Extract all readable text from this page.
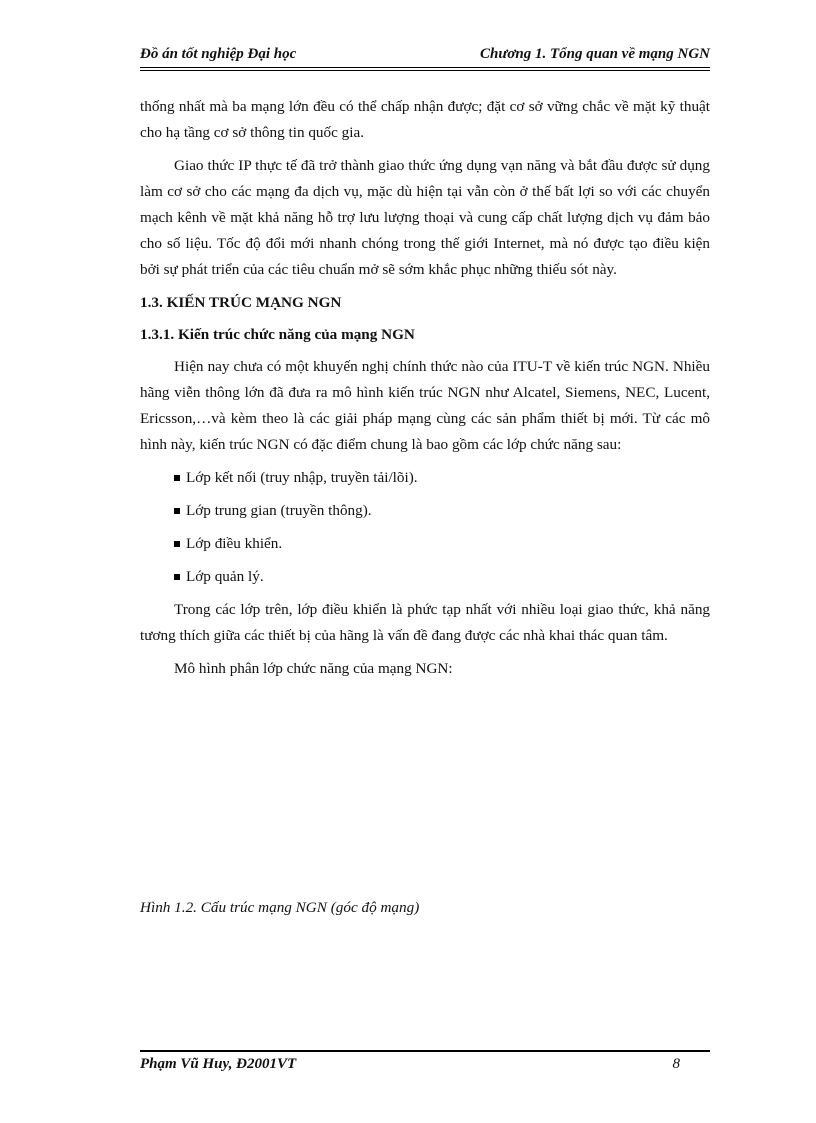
Đồ án tốt nghiệp Đại học	Chương 1. Tổng quan về mạng NGN

thống nhất mà ba mạng lớn đều có thể chấp nhận được; đặt cơ sở vững chắc về mặt kỹ thuật cho hạ tầng cơ sở thông tin quốc gia.

Giao thức IP thực tế đã trở thành giao thức ứng dụng vạn năng và bắt đầu được sử dụng làm cơ sở cho các mạng đa dịch vụ, mặc dù hiện tại vẫn còn ở thế bất lợi so với các chuyển mạch kênh về mặt khả năng hỗ trợ lưu lượng thoại và cung cấp chất lượng dịch vụ đảm bảo cho số liệu. Tốc độ đổi mới nhanh chóng trong thế giới Internet, mà nó được tạo điều kiện bởi sự phát triển của các tiêu chuẩn mở sẽ sớm khắc phục những thiếu sót này.

1.3. KIẾN TRÚC MẠNG NGN
1.3.1. Kiến trúc chức năng của mạng NGN

Hiện nay chưa có một khuyến nghị chính thức nào của ITU-T về kiến trúc NGN. Nhiều hãng viễn thông lớn đã đưa ra mô hình kiến trúc NGN như Alcatel, Siemens, NEC, Lucent, Ericsson,…và kèm theo là các giải pháp mạng cùng các sản phẩm thiết bị mới. Từ các mô hình này, kiến trúc NGN có đặc điểm chung là bao gồm các lớp chức năng sau:

Lớp kết nối (truy nhập, truyền tải/lõi).
Lớp trung gian (truyền thông).
Lớp điều khiển.
Lớp quản lý.

Trong các lớp trên, lớp điều khiển là phức tạp nhất với nhiều loại giao thức, khả năng tương thích giữa các thiết bị của hãng là vấn đề đang được các nhà khai thác quan tâm.

Mô hình phân lớp chức năng của mạng NGN:

Hình 1.2. Cấu trúc mạng NGN (góc độ mạng)

Phạm Vũ Huy, Đ2001VT	8
